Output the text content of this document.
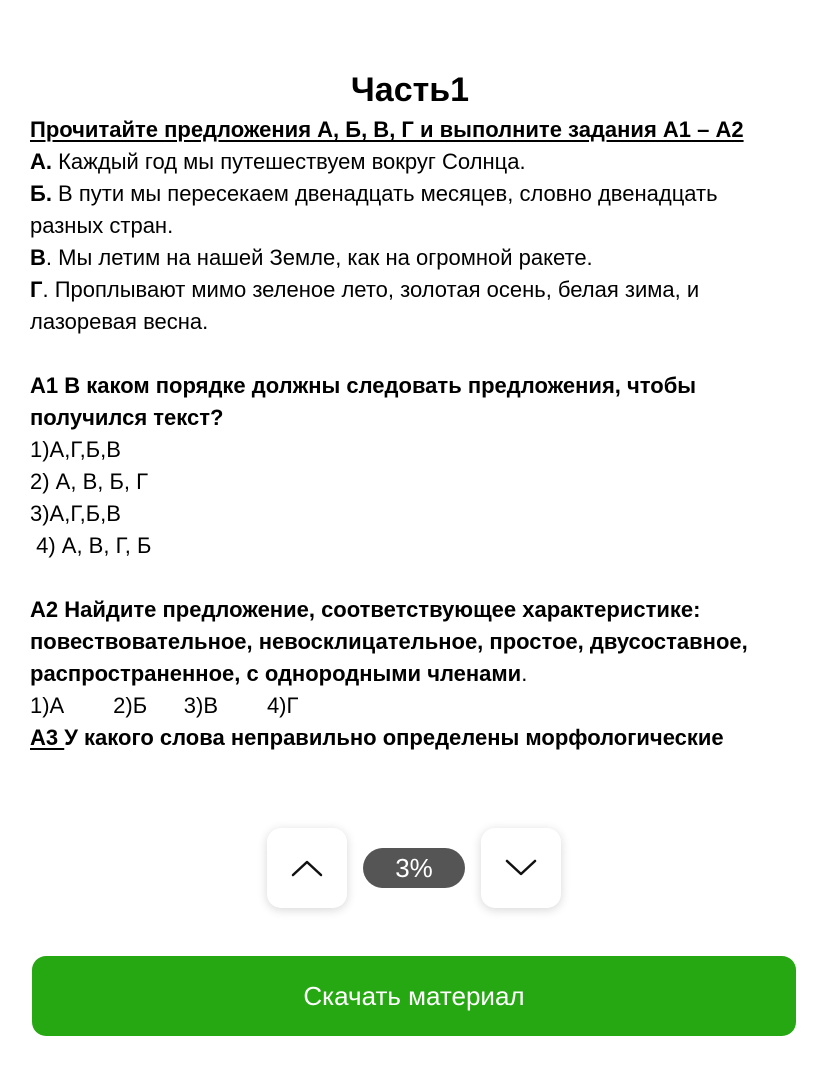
Часть1
Прочитайте предложения А, Б, В, Г и выполните задания А1 – А2
А. Каждый год мы путешествуем вокруг Солнца.
Б. В пути мы пересекаем двенадцать месяцев, словно двенадцать разных стран.
В. Мы летим на нашей Земле, как на огромной ракете.
Г. Проплывают мимо зеленое лето, золотая осень, белая зима, и лазоревая весна.
А1 В каком порядке должны следовать предложения, чтобы получился текст?
1)А,Г,Б,В
2) А, В, Б, Г
3)А,Г,Б,В
4) А, В, Г, Б
А2 Найдите предложение, соответствующее характеристике: повествовательное, невосклицательное, простое, двусоставное, распространенное, с однородными членами.
1)А        2)Б      3)В        4)Г
А3 У какого слова неправильно определены морфологические
3%
Скачать материал
